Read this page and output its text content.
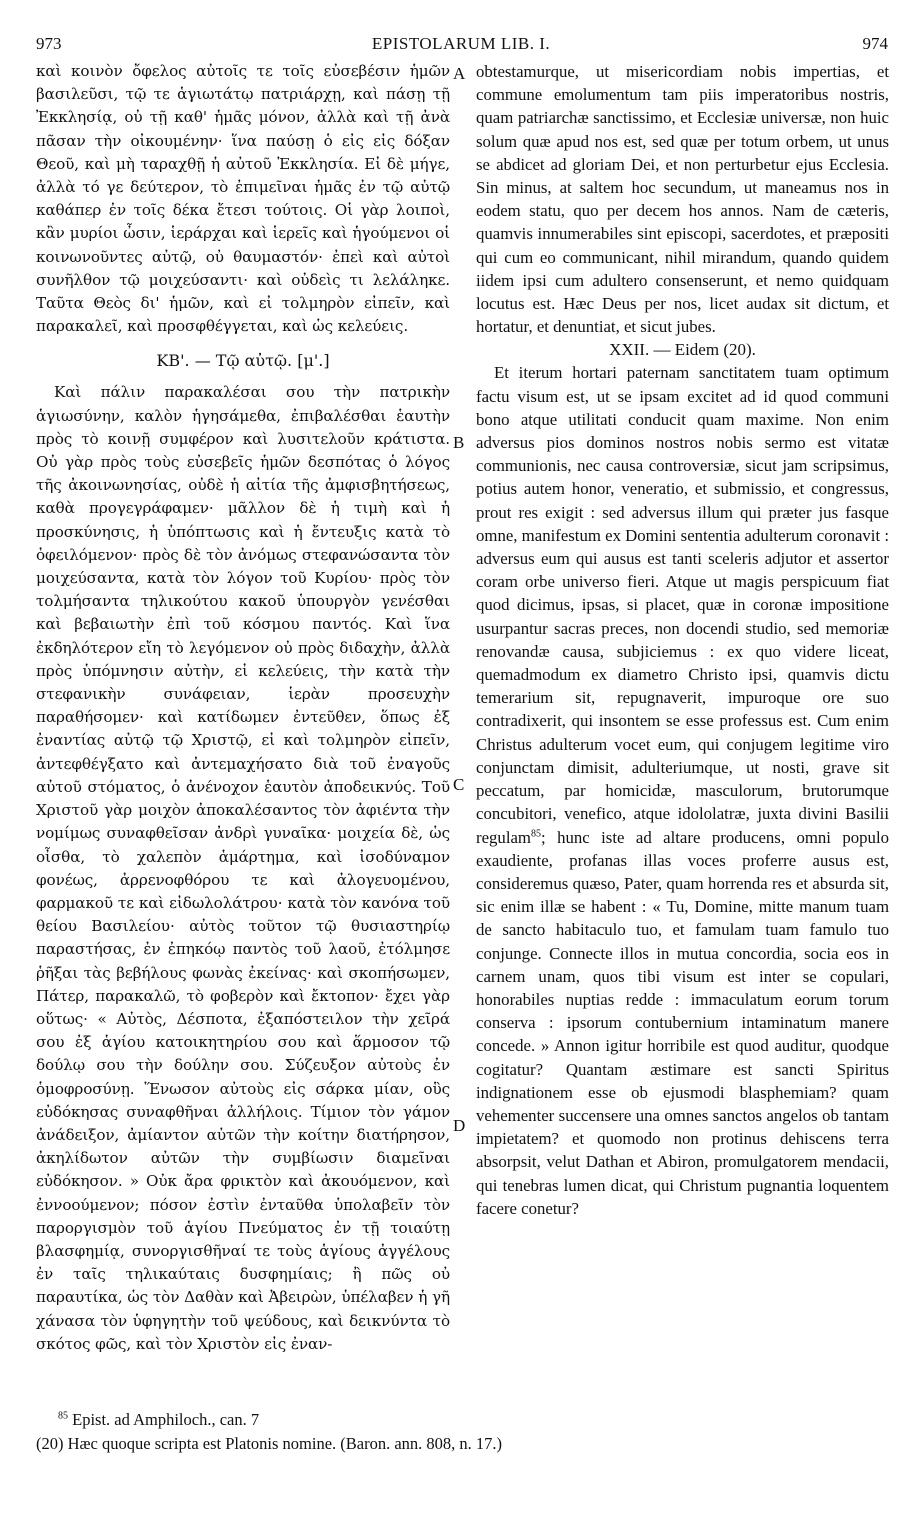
973	EPISTOLARUM LIB. I.	974

καὶ κοινὸν ὄφελος αὐτοῖς τε τοῖς εὐσεβέσιν ἡμῶν βασιλεῦσι, τῷ τε ἁγιωτάτῳ πατριάρχῃ, καὶ πάσῃ τῇ Ἐκκλησίᾳ, οὐ τῇ καθ' ἡμᾶς μόνον, ἀλλὰ καὶ τῇ ἀνὰ πᾶσαν τὴν οἰκουμένην· ἵνα παύσῃ ὁ εἰς εἰς δόξαν Θεοῦ, καὶ μὴ ταραχθῇ ἡ αὐτοῦ Ἐκκλησία. Εἰ δὲ μήγε, ἀλλὰ τό γε δεύτερον, τὸ ἐπιμεῖναι ἡμᾶς ἐν τῷ αὐτῷ καθάπερ ἐν τοῖς δέκα ἔτεσι τούτοις. Οἱ γὰρ λοιποὶ, κἂν μυρίοι ὦσιν, ἱεράρχαι καὶ ἱερεῖς καὶ ἡγούμενοι οἱ κοινωνοῦντες αὐτῷ, οὐ θαυμαστόν· ἐπεὶ καὶ αὐτοὶ συνῆλθον τῷ μοιχεύσαντι· καὶ οὐδεὶς τι λελάληκε. Ταῦτα Θεὸς δι' ἡμῶν, καὶ εἰ τολμηρὸν εἰπεῖν, καὶ παρακαλεῖ, καὶ προσφθέγγεται, καὶ ὡς κελεύεις.

ΚΒ'. — Τῷ αὐτῷ. [μ'.]

Καὶ πάλιν παρακαλέσαι σου τὴν πατρικὴν ἁγιωσύνην, καλὸν ἡγησάμεθα, ἐπιβαλέσθαι ἑαυτὴν πρὸς τὸ κοινῇ συμφέρον καὶ λυσιτελοῦν κράτιστα. Οὐ γὰρ πρὸς τοὺς εὐσεβεῖς ἡμῶν δεσπότας ὁ λόγος τῆς ἀκοινωνησίας, οὐδὲ ἡ αἰτία τῆς ἀμφισβητήσεως, καθὰ προγεγράφαμεν· μᾶλλον δὲ ἡ τιμὴ καὶ ἡ προσκύνησις, ἡ ὑπόπτωσις καὶ ἡ ἔντευξις κατὰ τὸ ὀφειλόμενον· πρὸς δὲ τὸν ἀνόμως στεφανώσαντα τὸν μοιχεύσαντα, κατὰ τὸν λόγον τοῦ Κυρίου· πρὸς τὸν τολμήσαντα τηλικούτου κακοῦ ὑπουργὸν γενέσθαι καὶ βεβαιωτὴν ἐπὶ τοῦ κόσμου παντός. Καὶ ἵνα ἐκδηλότερον εἴη τὸ λεγόμενον οὐ πρὸς διδαχὴν, ἀλλὰ πρὸς ὑπόμνησιν αὐτὴν, εἰ κελεύεις, τὴν κατὰ τὴν στεφανικὴν συνάφειαν, ἱερὰν προσευχὴν παραθήσομεν· καὶ κατίδωμεν ἐντεῦθεν, ὅπως ἐξ ἐναντίας αὐτῷ τῷ Χριστῷ, εἰ καὶ τολμηρὸν εἰπεῖν, ἀντεφθέγξατο καὶ ἀντεμαχήσατο διὰ τοῦ ἐναγοῦς αὐτοῦ στόματος, ὁ ἀνένοχον ἑαυτὸν ἀποδεικνύς. Τοῦ Χριστοῦ γὰρ μοιχὸν ἀποκαλέσαντος τὸν ἀφιέντα τὴν νομίμως συναφθεῖσαν ἀνδρὶ γυναῖκα· μοιχεία δὲ, ὡς οἶσθα, τὸ χαλεπὸν ἁμάρτημα, καὶ ἰσοδύναμον φονέως, ἀρρενοφθόρου τε καὶ ἀλογευομένου, φαρμακοῦ τε καὶ εἰδωλολάτρου· κατὰ τὸν κανόνα τοῦ θείου Βασιλείου· αὐτὸς τοῦτον τῷ θυσιαστηρίῳ παραστήσας, ἐν ἐπηκόῳ παντὸς τοῦ λαοῦ, ἐτόλμησε ῥῆξαι τὰς βεβήλους φωνὰς ἐκείνας· καὶ σκοπήσωμεν, Πάτερ, παρακαλῶ, τὸ φοβερὸν καὶ ἔκτοπον· ἔχει γὰρ οὕτως· « Αὐτὸς, Δέσποτα, ἐξαπόστειλον τὴν χεῖρά σου ἐξ ἁγίου κατοικητηρίου σου καὶ ἅρμοσον τῷ δούλῳ σου τὴν δούλην σου. Σύζευξον αὐτοὺς ἐν ὁμοφροσύνῃ. Ἕνωσον αὐτοὺς εἰς σάρκα μίαν, οὓς εὐδόκησας συναφθῆναι ἀλλήλοις. Τίμιον τὸν γάμον ἀνάδειξον, ἀμίαντον αὐτῶν τὴν κοίτην διατήρησον, ἀκηλίδωτον αὐτῶν τὴν συμβίωσιν διαμεῖναι εὐδόκησον. » Οὐκ ἄρα φρικτὸν καὶ ἀκουόμενον, καὶ ἐννοούμενον; πόσον ἐστὶν ἐνταῦθα ὑπολαβεῖν τὸν παροργισμὸν τοῦ ἁγίου Πνεύματος ἐν τῇ τοιαύτῃ βλασφημίᾳ, συνοργισθῆναί τε τοὺς ἁγίους ἀγγέλους ἐν ταῖς τηλικαύταις δυσφημίαις; ἢ πῶς οὐ παραυτίκα, ὡς τὸν Δαθὰν καὶ Ἀβειρὼν, ὑπέλαβεν ἡ γῆ χάνασα τὸν ὑφηγητὴν τοῦ ψεύδους, καὶ δεικνύντα τὸ σκότος φῶς, καὶ τὸν Χριστὸν εἰς ἐναν-

A
B
C
D

obtestamurque, ut misericordiam nobis impertias, et commune emolumentum tam piis imperatoribus nostris, quam patriarchæ sanctissimo, et Ecclesiæ universæ, non huic solum quæ apud nos est, sed quæ per totum orbem, ut unus se abdicet ad gloriam Dei, et non perturbetur ejus Ecclesia. Sin minus, at saltem hoc secundum, ut maneamus nos in eodem statu, quo per decem hos annos. Nam de cæteris, quamvis innumerabiles sint episcopi, sacerdotes, et præpositi qui cum eo communicant, nihil mirandum, quando quidem iidem ipsi cum adultero consenserunt, et nemo quidquam locutus est. Hæc Deus per nos, licet audax sit dictum, et hortatur, et denuntiat, et sicut jubes.

XXII. — Eidem (20).

Et iterum hortari paternam sanctitatem tuam optimum factu visum est, ut se ipsam excitet ad id quod communi bono atque utilitati conducit quam maxime. Non enim adversus pios dominos nostros nobis sermo est vitatæ communionis, nec causa controversiæ, sicut jam scripsimus, potius autem honor, veneratio, et submissio, et congressus, prout res exigit : sed adversus illum qui præter jus fasque omne, manifestum ex Domini sententia adulterum coronavit : adversus eum qui ausus est tanti sceleris adjutor et assertor coram orbe universo fieri. Atque ut magis perspicuum fiat quod dicimus, ipsas, si placet, quæ in coronæ impositione usurpantur sacras preces, non docendi studio, sed memoriæ renovandæ causa, subjiciemus : ex quo videre liceat, quemadmodum ex diametro Christo ipsi, quamvis dictu temerarium sit, repugnaverit, impuroque ore suo contradixerit, qui insontem se esse professus est. Cum enim Christus adulterum vocet eum, qui conjugem legitime viro conjunctam dimisit, adulteriumque, ut nosti, grave sit peccatum, par homicidæ, masculorum, brutorumque concubitori, venefico, atque idololatræ, juxta divini Basilii regulam$^{85}$; hunc iste ad altare producens, omni populo exaudiente, profanas illas voces proferre ausus est, consideremus quæso, Pater, quam horrenda res et absurda sit, sic enim illæ se habent : « Tu, Domine, mitte manum tuam de sancto habitaculo tuo, et famulam tuam famulo tuo conjunge. Connecte illos in mutua concordia, socia eos in carnem unam, quos tibi visum est inter se copulari, honorabiles nuptias redde : immaculatum eorum torum conserva : ipsorum contubernium intaminatum manere concede. » Annon igitur horribile est quod auditur, quodque cogitatur? Quantam æstimare est sancti Spiritus indignationem esse ob ejusmodi blasphemiam? quam vehementer succensere una omnes sanctos angelos ob tantam impietatem? et quomodo non protinus dehiscens terra absorpsit, velut Dathan et Abiron, promulgatorem mendacii, qui tenebras lumen dicat, qui Christum pugnantia loquentem facere conetur?

$^{85}$ Epist. ad Amphiloch., can. 7
(20) Hæc quoque scripta est Platonis nomine. (Baron. ann. 808, n. 17.)
